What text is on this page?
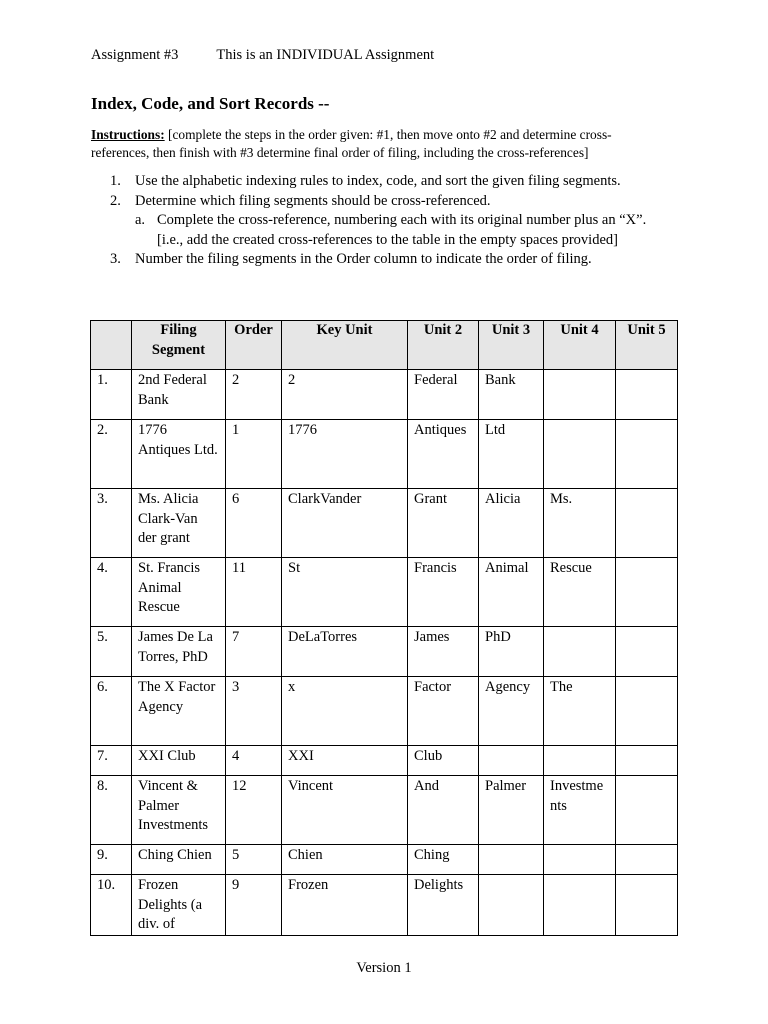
Assignment #3	This is an INDIVIDUAL Assignment
Index, Code, and Sort Records --
Instructions: [complete the steps in the order given: #1, then move onto #2 and determine cross-references, then finish with #3 determine final order of filing, including the cross-references]
1. Use the alphabetic indexing rules to index, code, and sort the given filing segments.
2. Determine which filing segments should be cross-referenced.
a. Complete the cross-reference, numbering each with its original number plus an “X”.
[i.e., add the created cross-references to the table in the empty spaces provided]
3. Number the filing segments in the Order column to indicate the order of filing.
	Filing Segment	Order	Key Unit	Unit 2	Unit 3	Unit 4	Unit 5
1.	2nd Federal Bank	2	2	Federal	Bank		
2.	1776 Antiques Ltd.	1	1776	Antiques	Ltd		
3.	Ms. Alicia Clark-Van der grant	6	ClarkVander	Grant	Alicia	Ms.	
4.	St. Francis Animal Rescue	11	St	Francis	Animal	Rescue	
5.	James De La Torres, PhD	7	DeLaTorres	James	PhD		
6.	The X Factor Agency	3	x	Factor	Agency	The	
7.	XXI Club	4	XXI	Club			
8.	Vincent & Palmer Investments	12	Vincent	And	Palmer	Investments	
9.	Ching Chien	5	Chien	Ching			
10.	Frozen Delights (a div. of	9	Frozen	Delights			
Version 1
